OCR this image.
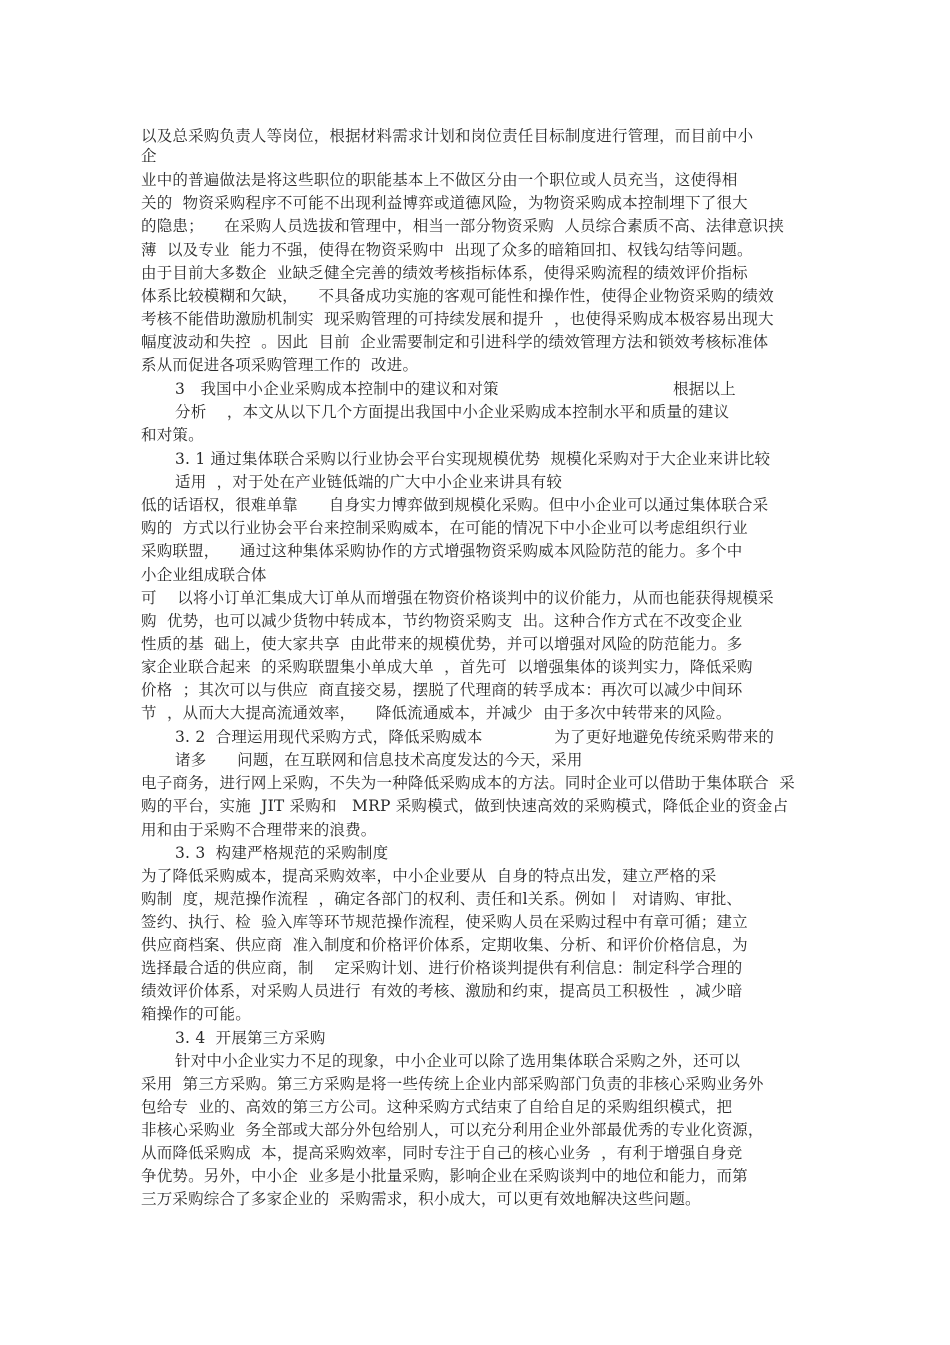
以及总采购负责人等岗位，根据材料需求计划和岗位责任目标制度进行管理，而目前中小
企
业中的普遍做法是将这些职位的职能基本上不做区分由一个职位或人员充当，这使得相
关的  物资采购程序不可能不出现利益博弈或道德风险，为物资采购成本控制埋下了很大
的隐患；    在采购人员选拔和管理中，相当一部分物资采购  人员综合素质不高、法律意识挟
薄  以及专业  能力不强，使得在物资采购中  出现了众多的暗箱回扣、权钱勾结等问题。
由于目前大多数企  业缺乏健全完善的绩效考核指标体系，使得采购流程的绩效评价指标
体系比较模糊和欠缺，    不具备成功实施的客观可能性和操作性，使得企业物资采购的绩效
考核不能借助激励机制实  现采购管理的可持续发展和提升  ，也使得采购成本极容易出现大
幅度波动和失控  。因此  目前  企业需要制定和引进科学的绩效管理方法和锁效考核标准体
系从而促进各项采购管理工作的  改进。
3   我国中小企业采购成本控制中的建议和对策                                  根据以上
分析    ，本文从以下几个方面提出我国中小企业采购成本控制水平和质量的建议
和对策。
3. 1 通过集体联合采购以行业协会平台实现规模优势  规模化采购对于大企业来讲比较
适用  ，对于处在产业链低端的广大中小企业来讲具有较
低的话语权，很难单靠      自身实力博弈做到规模化采购。但中小企业可以通过集体联合采
购的  方式以行业协会平台来控制采购威本，在可能的情况下中小企业可以考虑组织行业
采购联盟，    通过这种集体采购协作的方式增强物资采购威本风险防范的能力。多个中
小企业组成联合体
可    以将小订单汇集成大订单从而增强在物资价格谈判中的议价能力，从而也能获得规模采
购  优势，也可以减少货物中转成本，节约物资采购支  出。这种合作方式在不改变企业
性质的基  础上，使大家共享  由此带来的规模优势，并可以增强对风险的防范能力。多
家企业联合起来  的采购联盟集小单成大单  ，首先可  以增强集体的谈判实力，降低采购
价格  ；其次可以与供应  商直接交易，摆脱了代理商的转孚成本：再次可以减少中间环
节  ，从而大大提高流通效率，    降低流通威本，并减少  由于多次中转带来的风险。
3. 2  合理运用现代采购方式，降低采购威本              为了更好地避免传统采购带来的
诸多      问题，在互联网和信息技术高度发达的今天，采用
电子商务，进行网上采购，不失为一种降低采购成本的方法。同时企业可以借助于集体联合  采
购的平台，实施  JIT 采购和   MRP 采购模式，做到快速高效的采购模式，降低企业的资金占
用和由于采购不合理带来的浪费。
3. 3  构建严格规范的采购制度
为了降低采购威本，提高采购效率，中小企业要从  自身的特点出发，建立严格的采
购制  度，规范操作流程  ，确定各部门的权利、责任和l关系。例如丨  对请购、审批、
签约、执行、检  验入库等环节规范操作流程，使采购人员在采购过程中有章可循；建立
供应商档案、供应商  准入制度和价格评价体系，定期收集、分析、和评价价格信息，为
选择最合适的供应商，制    定采购计划、进行价格谈判提供有利信息：制定科学合理的
绩效评价体系，对采购人员进行  有效的考核、激励和约束，提高员工积极性  ，减少暗
箱操作的可能。
3. 4  开展第三方采购
针对中小企业实力不足的现象，中小企业可以除了选用集体联合采购之外，还可以
采用  第三方采购。第三方采购是将一些传统上企业内部采购部门负责的非核心采购业务外
包给专  业的、高效的第三方公司。这种采购方式结束了自给自足的采购组织模式，把
非核心采购业  务全部或大部分外包给别人，可以充分利用企业外部最优秀的专业化资源，
从而降低采购成  本，提高采购效率，同时专注于自己的核心业务  ，有利于增强自身竞
争优势。另外，中小企  业多是小批量采购，影响企业在采购谈判中的地位和能力，而第
三万采购综合了多家企业的  采购需求，积小成大，可以更有效地解决这些问题。
